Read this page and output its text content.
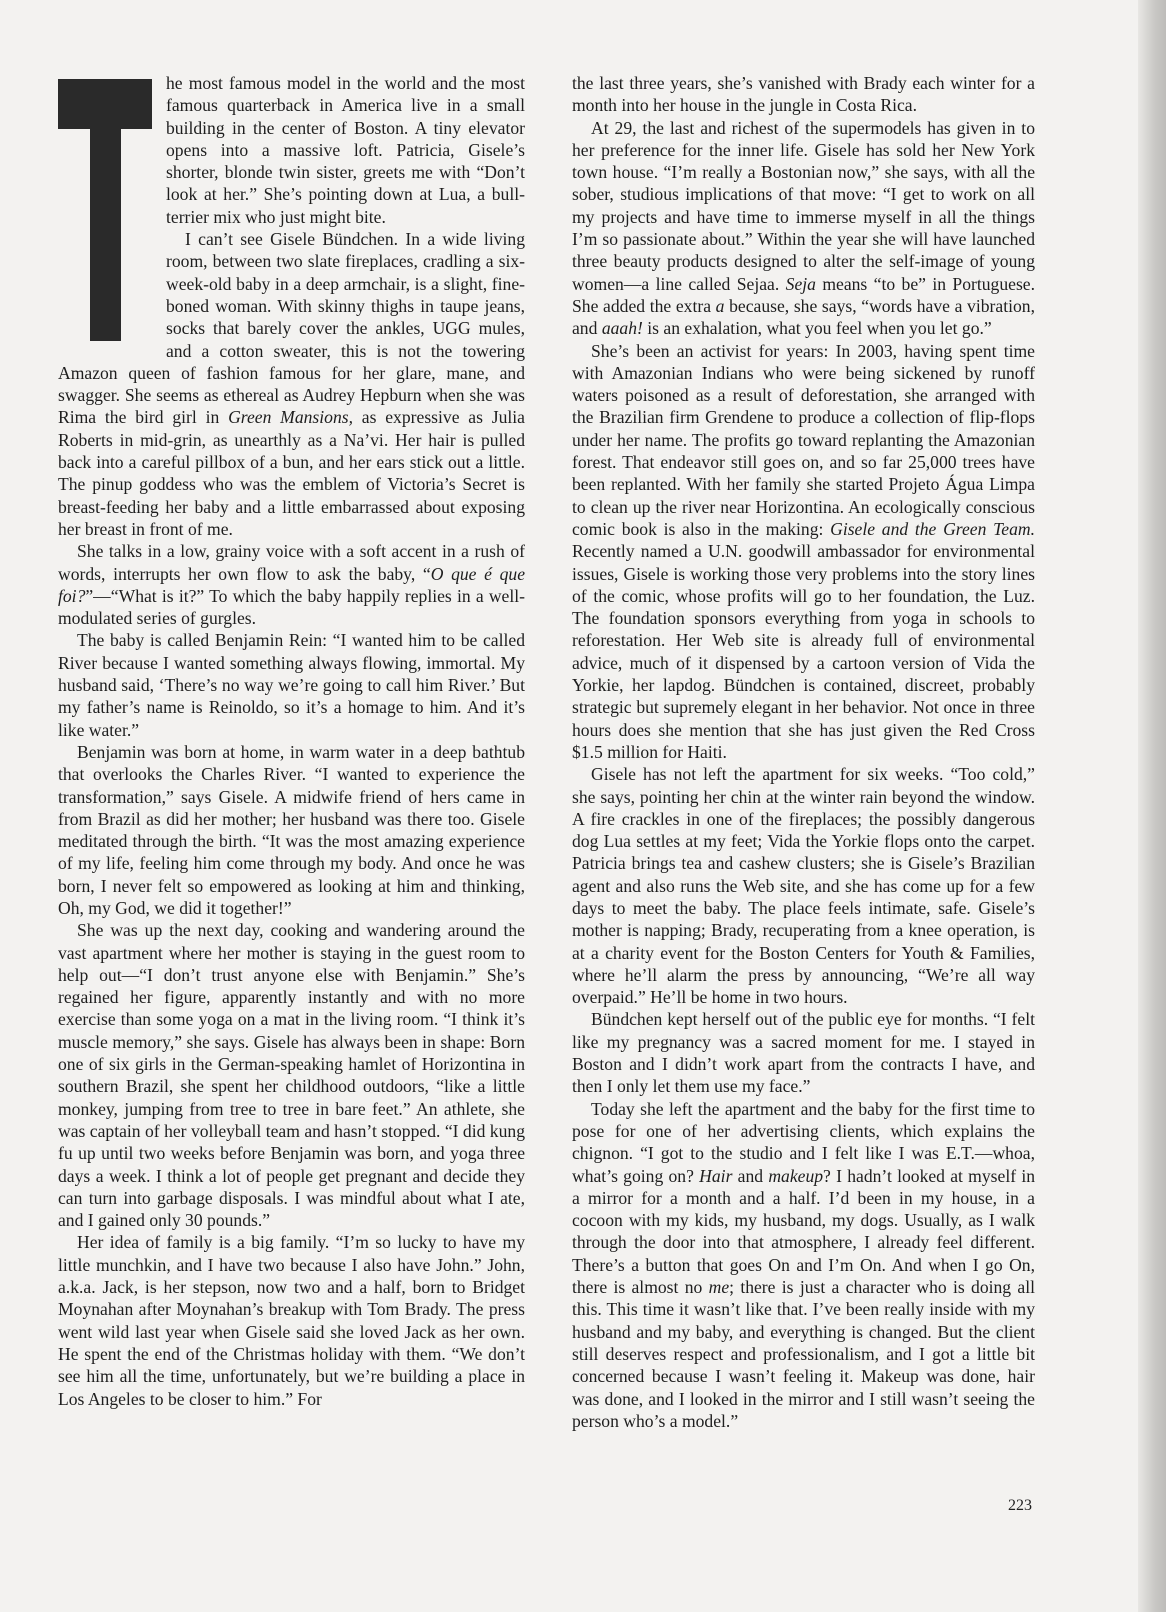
he most famous model in the world and the most famous quarterback in America live in a small building in the center of Boston. A tiny elevator opens into a massive loft. Patricia, Gisele’s shorter, blonde twin sister, greets me with “Don’t look at her.” She’s pointing down at Lua, a bull-terrier mix who just might bite.

I can’t see Gisele Bündchen. In a wide living room, between two slate fireplaces, cradling a six-week-old baby in a deep armchair, is a slight, fine-boned woman. With skinny thighs in taupe jeans, socks that barely cover the ankles, UGG mules, and a cotton sweater, this is not the towering Amazon queen of fashion famous for her glare, mane, and swagger. She seems as ethereal as Audrey Hepburn when she was Rima the bird girl in Green Mansions, as expressive as Julia Roberts in mid-grin, as unearthly as a Na’vi. Her hair is pulled back into a careful pillbox of a bun, and her ears stick out a little. The pinup goddess who was the emblem of Victoria’s Secret is breast-feeding her baby and a little embarrassed about exposing her breast in front of me.

She talks in a low, grainy voice with a soft accent in a rush of words, interrupts her own flow to ask the baby, “O que é que foi?”—“What is it?” To which the baby happily replies in a well-modulated series of gurgles.

The baby is called Benjamin Rein: “I wanted him to be called River because I wanted something always flowing, immortal. My husband said, ‘There’s no way we’re going to call him River.’ But my father’s name is Reinoldo, so it’s a homage to him. And it’s like water.”

Benjamin was born at home, in warm water in a deep bathtub that overlooks the Charles River. “I wanted to experience the transformation,” says Gisele. A midwife friend of hers came in from Brazil as did her mother; her husband was there too. Gisele meditated through the birth. “It was the most amazing experience of my life, feeling him come through my body. And once he was born, I never felt so empowered as looking at him and thinking, Oh, my God, we did it together!”

She was up the next day, cooking and wandering around the vast apartment where her mother is staying in the guest room to help out—“I don’t trust anyone else with Benjamin.” She’s regained her figure, apparently instantly and with no more exercise than some yoga on a mat in the living room. “I think it’s muscle memory,” she says. Gisele has always been in shape: Born one of six girls in the German-speaking hamlet of Horizontina in southern Brazil, she spent her childhood outdoors, “like a little monkey, jumping from tree to tree in bare feet.” An athlete, she was captain of her volleyball team and hasn’t stopped. “I did kung fu up until two weeks before Benjamin was born, and yoga three days a week. I think a lot of people get pregnant and decide they can turn into garbage disposals. I was mindful about what I ate, and I gained only 30 pounds.”

Her idea of family is a big family. “I’m so lucky to have my little munchkin, and I have two because I also have John.” John, a.k.a. Jack, is her stepson, now two and a half, born to Bridget Moynahan after Moynahan’s breakup with Tom Brady. The press went wild last year when Gisele said she loved Jack as her own. He spent the end of the Christmas holiday with them. “We don’t see him all the time, unfortunately, but we’re building a place in Los Angeles to be closer to him.” For

the last three years, she’s vanished with Brady each winter for a month into her house in the jungle in Costa Rica.

At 29, the last and richest of the supermodels has given in to her preference for the inner life. Gisele has sold her New York town house. “I’m really a Bostonian now,” she says, with all the sober, studious implications of that move: “I get to work on all my projects and have time to immerse myself in all the things I’m so passionate about.” Within the year she will have launched three beauty products designed to alter the self-image of young women—a line called Sejaa. Seja means “to be” in Portuguese. She added the extra a because, she says, “words have a vibration, and aaah! is an exhalation, what you feel when you let go.”

She’s been an activist for years: In 2003, having spent time with Amazonian Indians who were being sickened by runoff waters poisoned as a result of deforestation, she arranged with the Brazilian firm Grendene to produce a collection of flip-flops under her name. The profits go toward replanting the Amazonian forest. That endeavor still goes on, and so far 25,000 trees have been replanted. With her family she started Projeto Água Limpa to clean up the river near Horizontina. An ecologically conscious comic book is also in the making: Gisele and the Green Team. Recently named a U.N. goodwill ambassador for environmental issues, Gisele is working those very problems into the story lines of the comic, whose profits will go to her foundation, the Luz. The foundation sponsors everything from yoga in schools to reforestation. Her Web site is already full of environmental advice, much of it dispensed by a cartoon version of Vida the Yorkie, her lapdog. Bündchen is contained, discreet, probably strategic but supremely elegant in her behavior. Not once in three hours does she mention that she has just given the Red Cross $1.5 million for Haiti.

Gisele has not left the apartment for six weeks. “Too cold,” she says, pointing her chin at the winter rain beyond the window. A fire crackles in one of the fireplaces; the possibly dangerous dog Lua settles at my feet; Vida the Yorkie flops onto the carpet. Patricia brings tea and cashew clusters; she is Gisele’s Brazilian agent and also runs the Web site, and she has come up for a few days to meet the baby. The place feels intimate, safe. Gisele’s mother is napping; Brady, recuperating from a knee operation, is at a charity event for the Boston Centers for Youth & Families, where he’ll alarm the press by announcing, “We’re all way overpaid.” He’ll be home in two hours.

Bündchen kept herself out of the public eye for months. “I felt like my pregnancy was a sacred moment for me. I stayed in Boston and I didn’t work apart from the contracts I have, and then I only let them use my face.”

Today she left the apartment and the baby for the first time to pose for one of her advertising clients, which explains the chignon. “I got to the studio and I felt like I was E.T.—whoa, what’s going on? Hair and makeup? I hadn’t looked at myself in a mirror for a month and a half. I’d been in my house, in a cocoon with my kids, my husband, my dogs. Usually, as I walk through the door into that atmosphere, I already feel different. There’s a button that goes On and I’m On. And when I go On, there is almost no me; there is just a character who is doing all this. This time it wasn’t like that. I’ve been really inside with my husband and my baby, and everything is changed. But the client still deserves respect and professionalism, and I got a little bit concerned because I wasn’t feeling it. Makeup was done, hair was done, and I looked in the mirror and I still wasn’t seeing the person who’s a model.”

223
